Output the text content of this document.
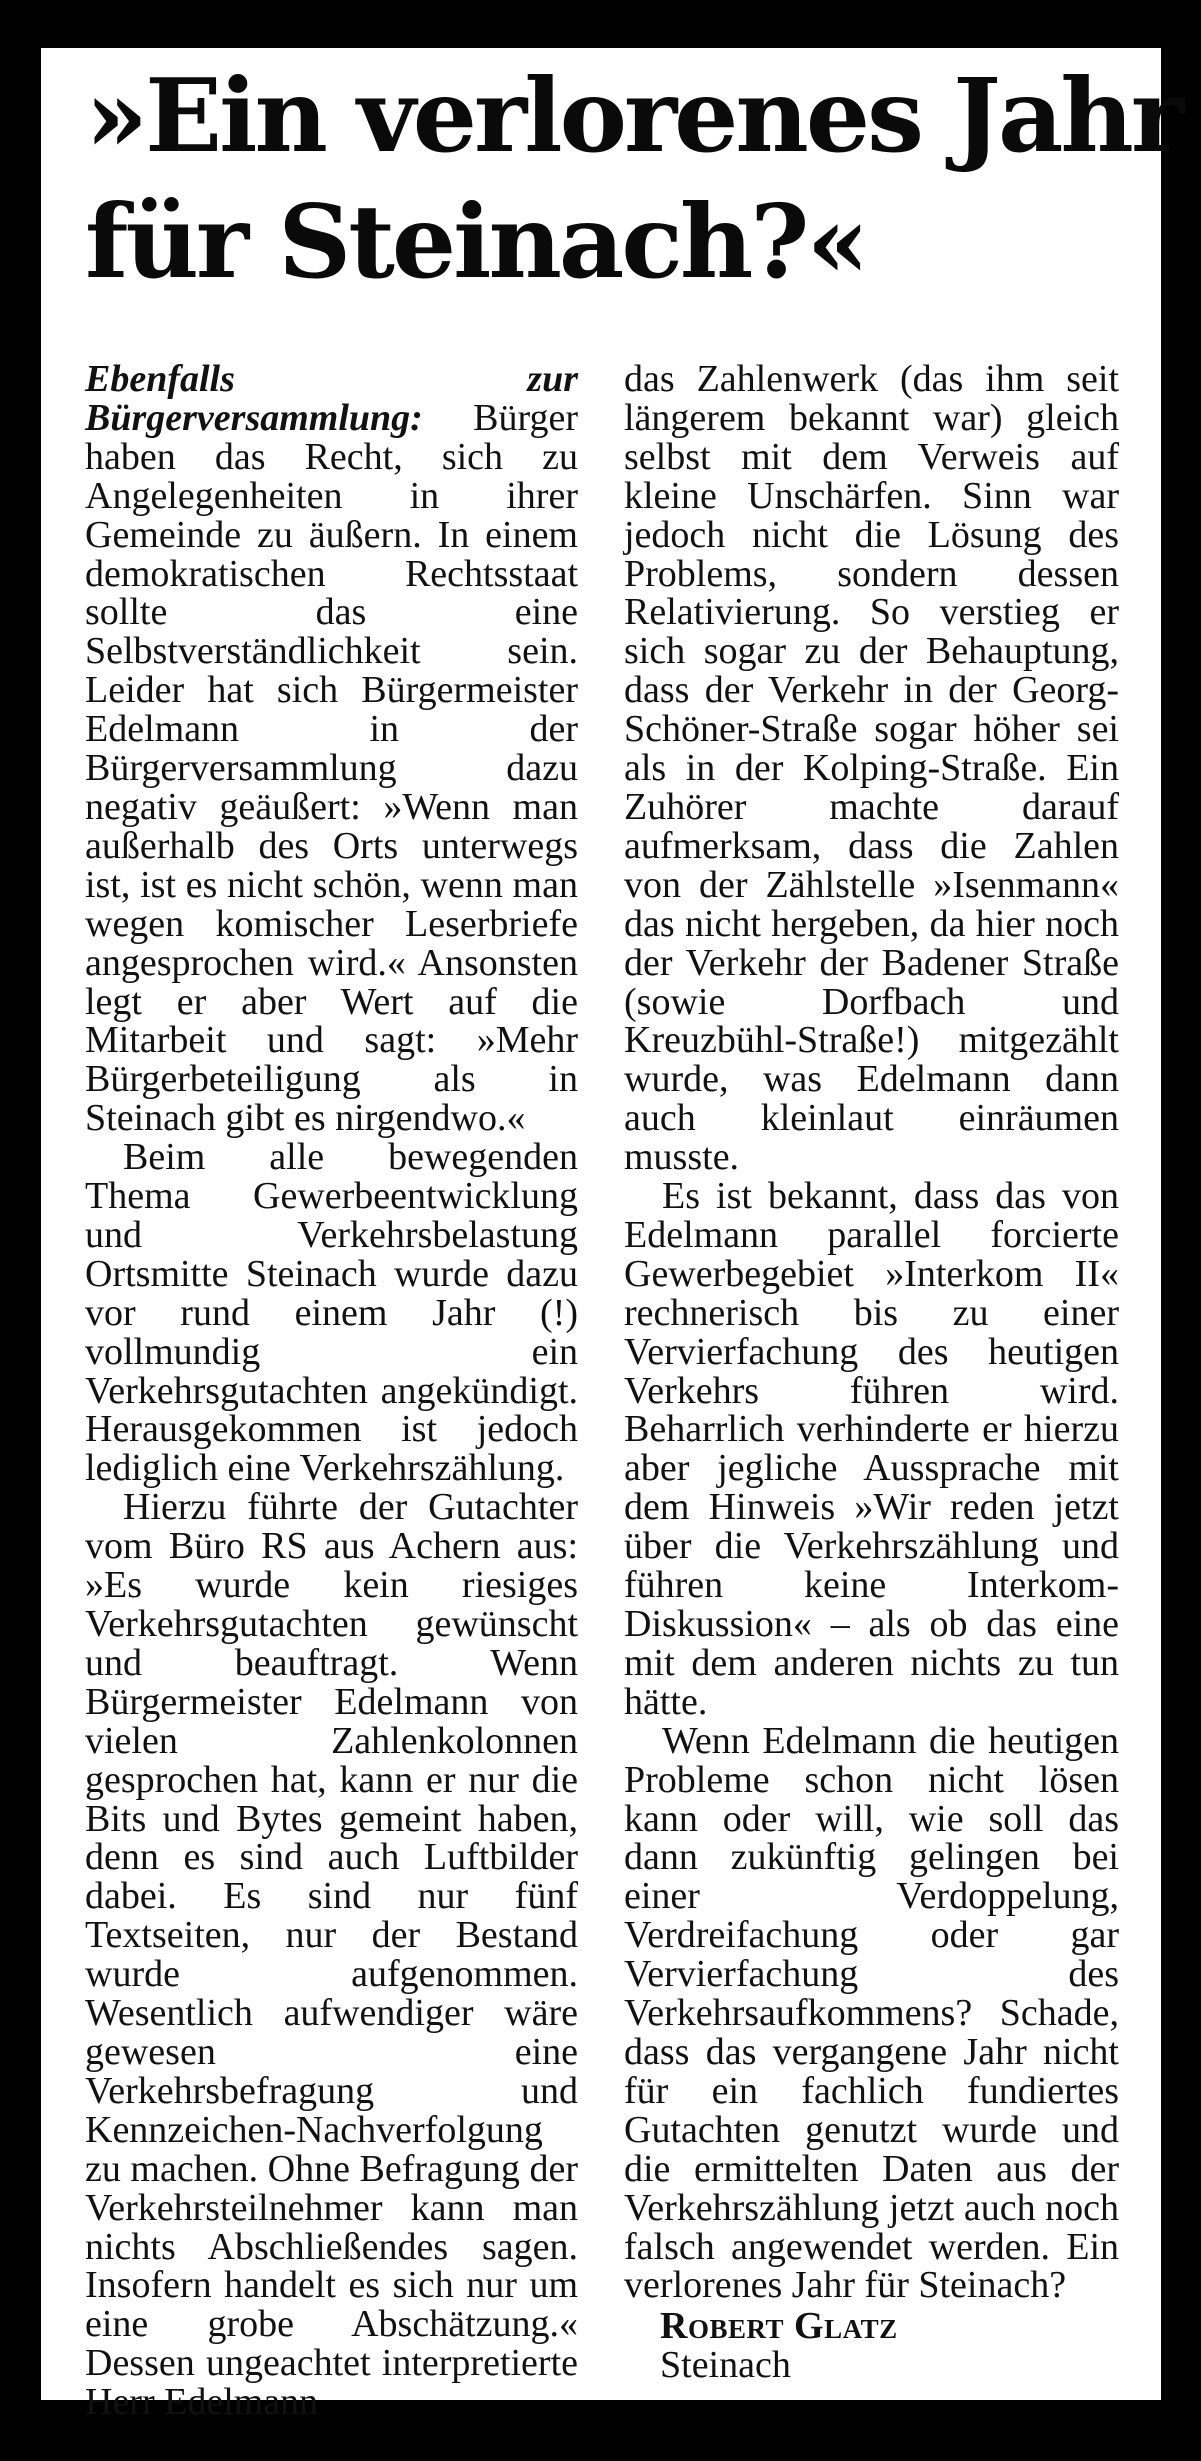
»Ein verlorenes Jahr
für Steinach?«

Ebenfalls zur Bürgerversammlung: Bürger haben das Recht, sich zu Angelegenheiten in ihrer Gemeinde zu äußern. In einem demokratischen Rechtsstaat sollte das eine Selbstverständlichkeit sein. Leider hat sich Bürgermeister Edelmann in der Bürgerversammlung dazu negativ geäußert: »Wenn man außerhalb des Orts unterwegs ist, ist es nicht schön, wenn man wegen komischer Leserbriefe angesprochen wird.« Ansonsten legt er aber Wert auf die Mitarbeit und sagt: »Mehr Bürgerbeteiligung als in Steinach gibt es nirgendwo.«

Beim alle bewegenden Thema Gewerbeentwicklung und Verkehrsbelastung Ortsmitte Steinach wurde dazu vor rund einem Jahr (!) vollmundig ein Verkehrsgutachten angekündigt. Herausgekommen ist jedoch lediglich eine Verkehrszählung.

Hierzu führte der Gutachter vom Büro RS aus Achern aus: »Es wurde kein riesiges Verkehrsgutachten gewünscht und beauftragt. Wenn Bürgermeister Edelmann von vielen Zahlenkolonnen gesprochen hat, kann er nur die Bits und Bytes gemeint haben, denn es sind auch Luftbilder dabei. Es sind nur fünf Textseiten, nur der Bestand wurde aufgenommen. Wesentlich aufwendiger wäre gewesen eine Verkehrsbefragung und Kennzeichen-Nachverfolgung zu machen. Ohne Befragung der Verkehrsteilnehmer kann man nichts Abschließendes sagen. Insofern handelt es sich nur um eine grobe Abschätzung.« Dessen ungeachtet interpretierte Herr Edelmann

das Zahlenwerk (das ihm seit längerem bekannt war) gleich selbst mit dem Verweis auf kleine Unschärfen. Sinn war jedoch nicht die Lösung des Problems, sondern dessen Relativierung. So verstieg er sich sogar zu der Behauptung, dass der Verkehr in der Georg-Schöner-Straße sogar höher sei als in der Kolping-Straße. Ein Zuhörer machte darauf aufmerksam, dass die Zahlen von der Zählstelle »Isenmann« das nicht hergeben, da hier noch der Verkehr der Badener Straße (sowie Dorfbach und Kreuzbühl-Straße!) mitgezählt wurde, was Edelmann dann auch kleinlaut einräumen musste.

Es ist bekannt, dass das von Edelmann parallel forcierte Gewerbegebiet »Interkom II« rechnerisch bis zu einer Vervierfachung des heutigen Verkehrs führen wird. Beharrlich verhinderte er hierzu aber jegliche Aussprache mit dem Hinweis »Wir reden jetzt über die Verkehrszählung und führen keine Interkom-Diskussion« – als ob das eine mit dem anderen nichts zu tun hätte.

Wenn Edelmann die heutigen Probleme schon nicht lösen kann oder will, wie soll das dann zukünftig gelingen bei einer Verdoppelung, Verdreifachung oder gar Vervierfachung des Verkehrsaufkommens? Schade, dass das vergangene Jahr nicht für ein fachlich fundiertes Gutachten genutzt wurde und die ermittelten Daten aus der Verkehrszählung jetzt auch noch falsch angewendet werden. Ein verlorenes Jahr für Steinach?

Robert Glatz
Steinach
